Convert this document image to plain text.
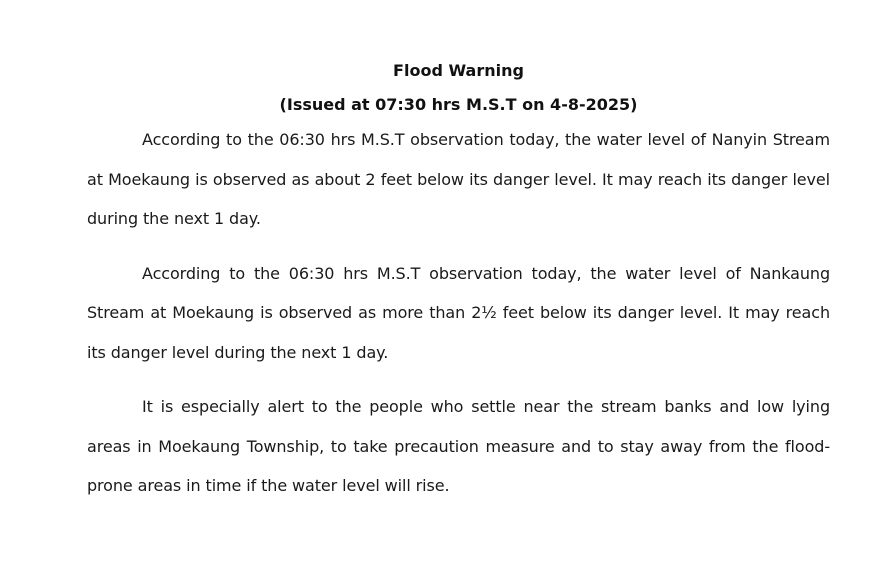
Flood Warning

(Issued at 07:30 hrs M.S.T on 4-8-2025)

According to the 06:30 hrs M.S.T observation today, the water level of Nanyin Stream at Moekaung is observed as about 2 feet below its danger level. It may reach its danger level during the next 1 day.

According to the 06:30 hrs M.S.T observation today, the water level of Nankaung Stream at Moekaung is observed as more than 2½ feet below its danger level. It may reach its danger level during the next 1 day.

It is especially alert to the people who settle near the stream banks and low lying areas in Moekaung Township, to take precaution measure and to stay away from the flood-prone areas in time if the water level will rise.
